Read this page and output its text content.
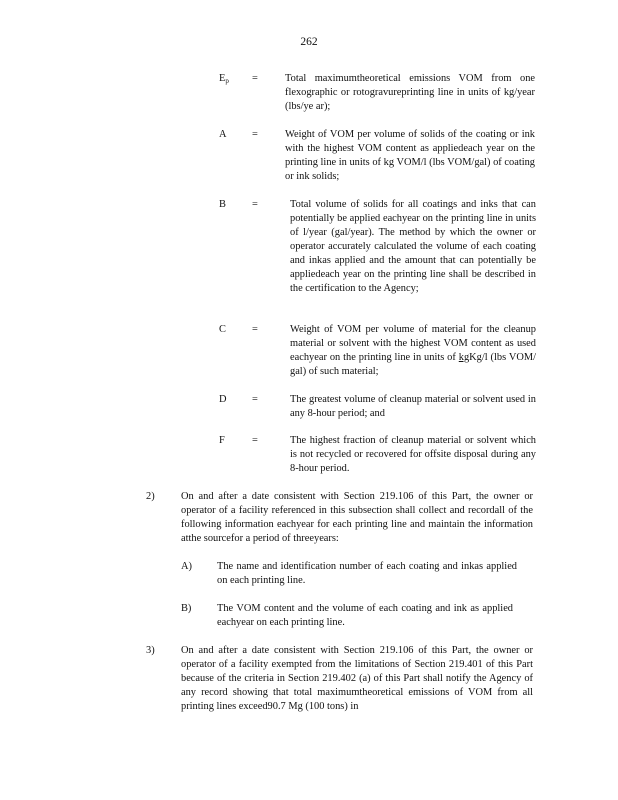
262
$E_p$ =	Total maximumtheoretical emissions VOM from one flexographic or rotogravureprinting line in units of kg/year (lbs/ye ar);
A =	Weight of VOM per volume of solids of the coating or ink with the highest VOM content as appliedeach year on the printing line in units of kg VOM/l (lbs VOM/gal) of coating or ink solids;
B	=	Total volume of solids for all coatings and inks that can potentially be applied eachyear on the printing line in units of l/year (gal/year). The method by which the owner or operator accurately calculated the volume of each coating and inkas applied and the amount that can potentially be appliedeach year on the printing line shall be described in the certification to the Agency;
C	=	Weight of VOM per volume of material for the cleanup material or solvent with the highest VOM content as used eachyear on the printing line in units of kgKg/l (lbs VOM/ gal) of such material;
D =	The greatest volume of cleanup material or solvent used in any 8-hour period; and
F	=	The highest fraction of cleanup material or solvent which is not recycled or recovered for offsite disposal during any 8-hour period.
2)	On and after a date consistent with Section 219.106 of this Part, the owner or operator of a facility referenced in this subsection shall collect and recordall of the following information eachyear for each printing line and maintain the information atthe sourcefor a period of threeyears:
A) The name and identification number of each coating and inkas applied on each printing line.
B) The VOM content and the volume of each coating and ink as applied eachyear on each printing line.
3)	On and after a date consistent with Section 219.106 of this Part, the owner or operator of a facility exempted from the limitations of Section 219.401 of this Part because of the criteria in Section 219.402 (a) of this Part shall notify the Agency of any record showing that total maximumtheoretical emissions of VOM from all printing lines exceed90.7 Mg (100 tons) in
